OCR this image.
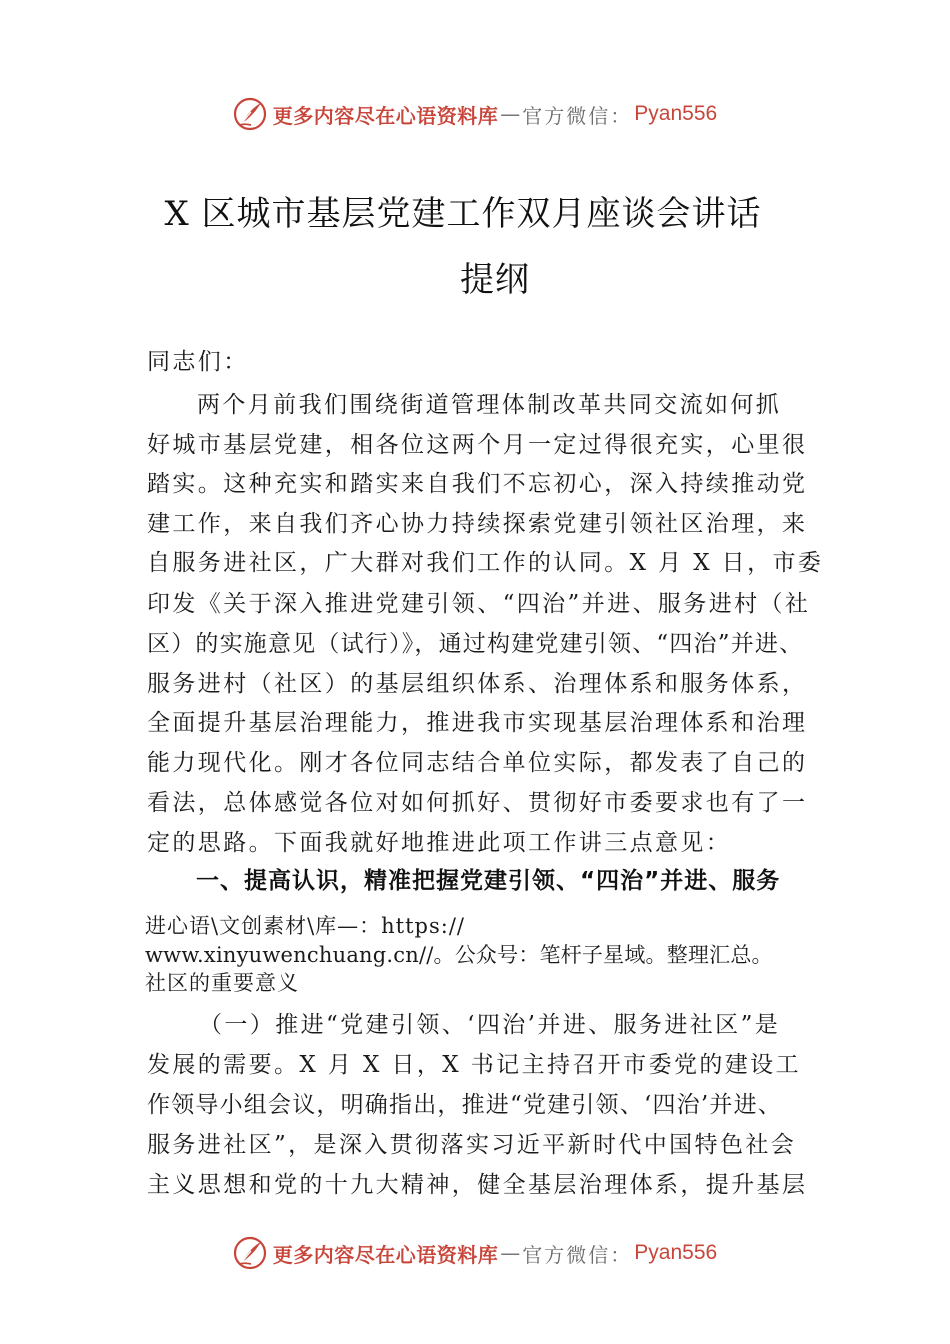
更多内容尽在心语资料库 — 官方微信： Pyan556
X 区城市基层党建工作双月座谈会讲话
提纲
同志们：
两个月前我们围绕街道管理体制改革共同交流如何抓
好城市基层党建，相各位这两个月一定过得很充实，心里很
踏实。这种充实和踏实来自我们不忘初心，深入持续推动党
建工作，来自我们齐心协力持续探索党建引领社区治理，来
自服务进社区，广大群对我们工作的认同。X 月 X 日，市委
印发《关于深入推进党建引领、“四治”并进、服务进村（社
区）的实施意见（试行）》，通过构建党建引领、“四治”并进、
服务进村（社区）的基层组织体系、治理体系和服务体系，
全面提升基层治理能力，推进我市实现基层治理体系和治理
能力现代化。刚才各位同志结合单位实际，都发表了自己的
看法，总体感觉各位对如何抓好、贯彻好市委要求也有了一
定的思路。下面我就好地推进此项工作讲三点意见：
一、提高认识，精准把握党建引领、“四治”并进、服务
进心语\文创素材\库—：https://
www.xinyuwenchuang.cn//。公众号：笔杆子星域。整理汇总。
社区的重要意义
（一）推进“党建引领、‘四治’并进、服务进社区”是
发展的需要。X 月 X 日，X 书记主持召开市委党的建设工
作领导小组会议，明确指出，推进“党建引领、‘四治’并进、
服务进社区”，是深入贯彻落实习近平新时代中国特色社会
主义思想和党的十九大精神，健全基层治理体系，提升基层
更多内容尽在心语资料库 — 官方微信： Pyan556
